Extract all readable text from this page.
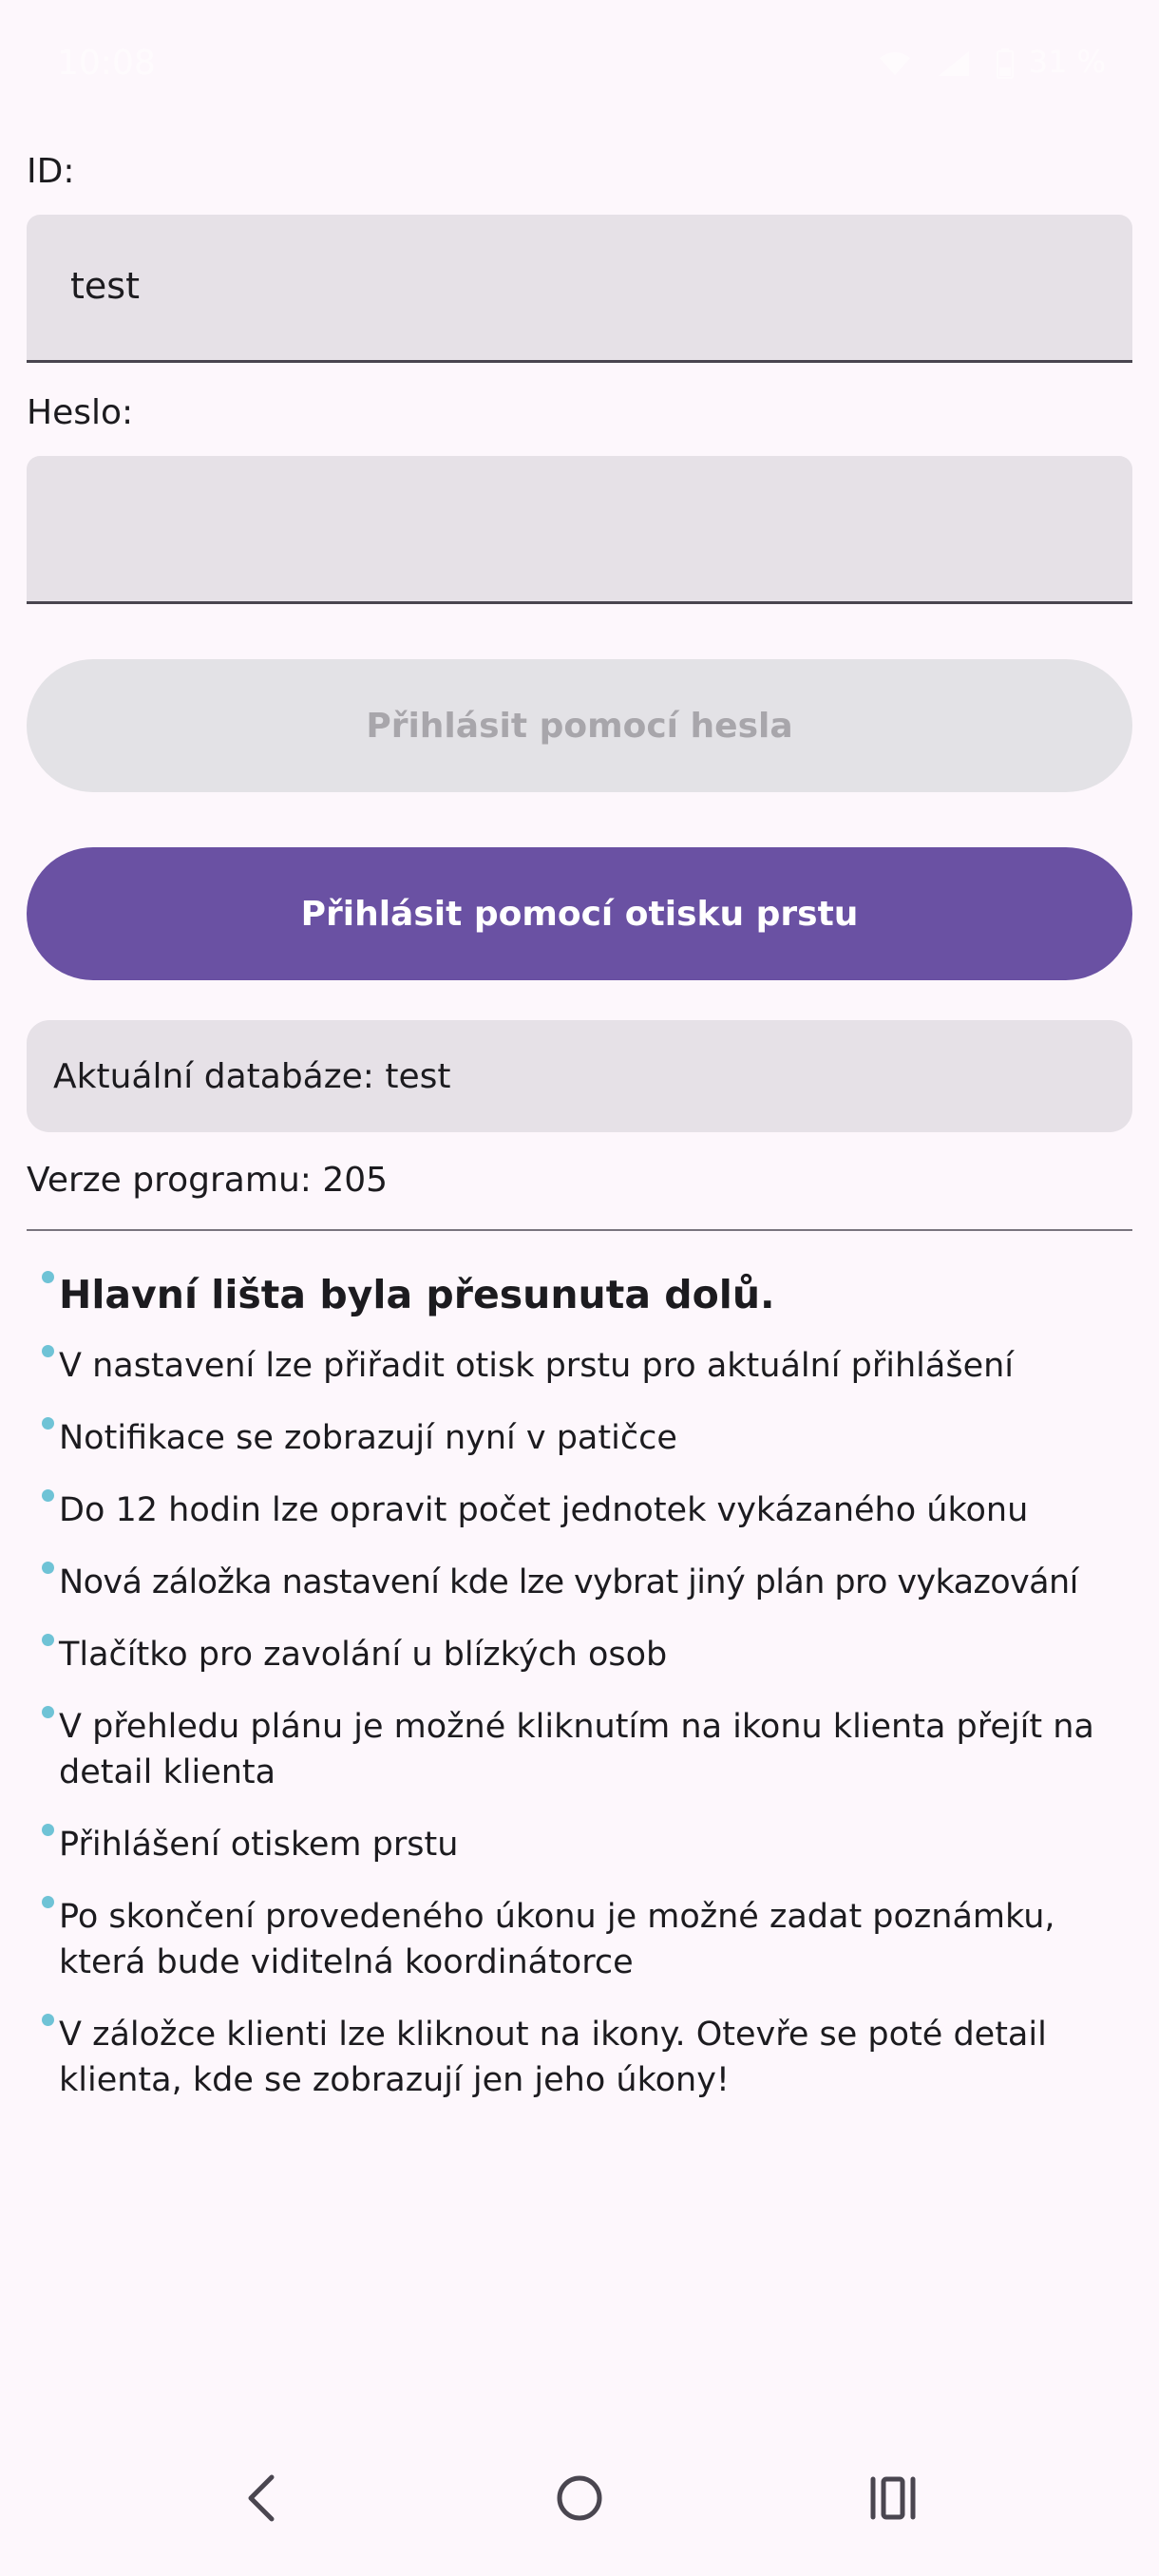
10:08	31 %
ID:
test
Heslo:
Přihlásit pomocí hesla
Přihlásit pomocí otisku prstu
Aktuální databáze: test
Verze programu: 205
Hlavní lišta byla přesunuta dolů.
V nastavení lze přiřadit otisk prstu pro aktuální přihlášení
Notifikace se zobrazují nyní v patičce
Do 12 hodin lze opravit počet jednotek vykázaného úkonu
Nová záložka nastavení kde lze vybrat jiný plán pro vykazování
Tlačítko pro zavolání u blízkých osob
V přehledu plánu je možné kliknutím na ikonu klienta přejít na detail klienta
Přihlášení otiskem prstu
Po skončení provedeného úkonu je možné zadat poznámku, která bude viditelná koordinátorce
V záložce klienti lze kliknout na ikony. Otevře se poté detail klienta, kde se zobrazují jen jeho úkony!
